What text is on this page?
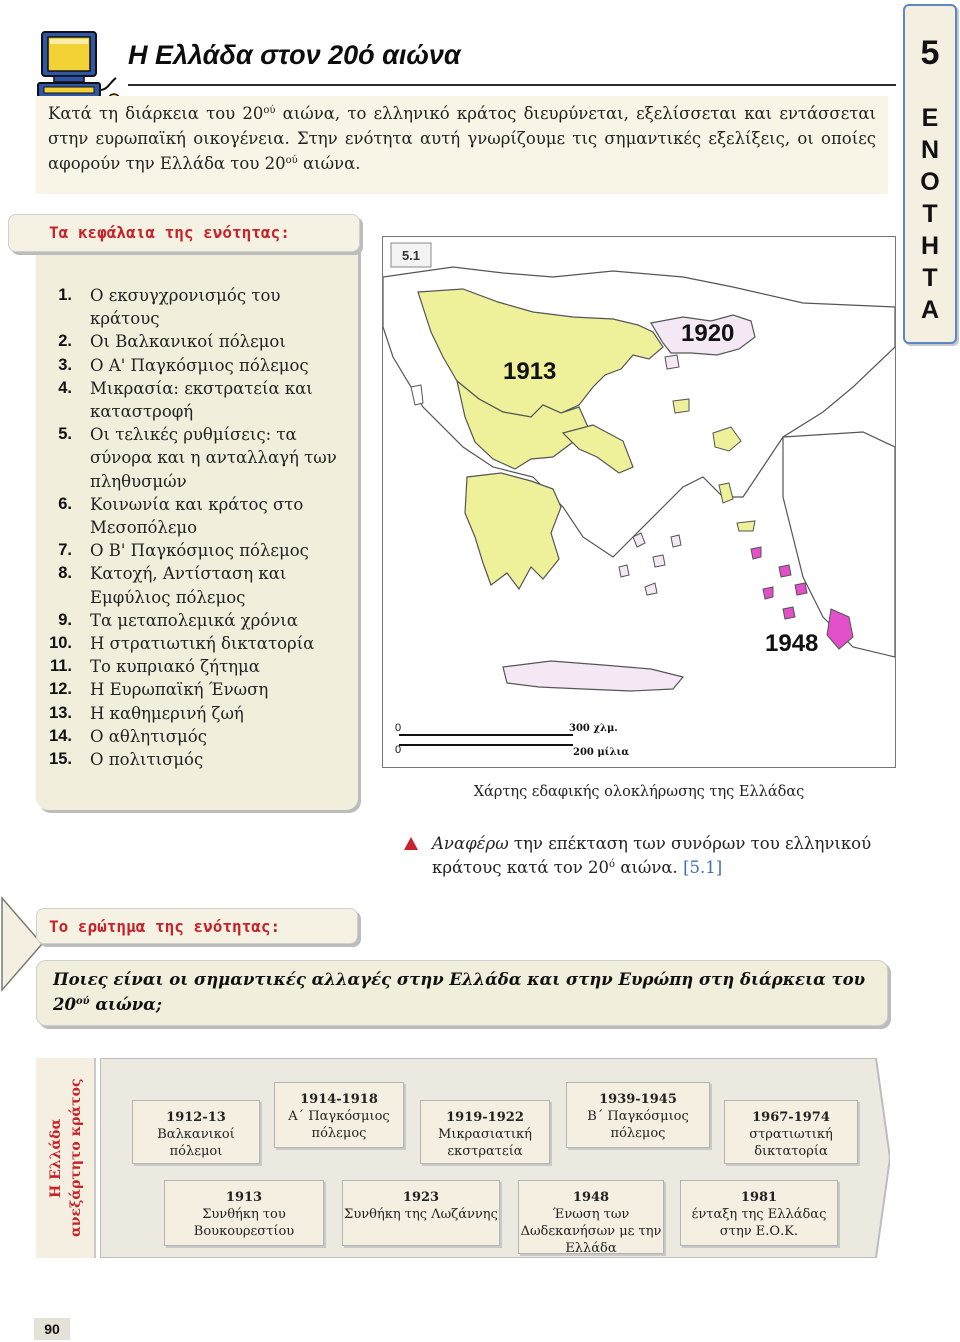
Η Ελλάδα στον 20ό αιώνα	5
Ε
Ν
Ο
Τ
Η
Τ
Α

Κατά τη διάρκεια του $20^{oύ}$ αιώνα, το ελληνικό κράτος διευρύνεται, εξελίσσεται και εντάσσεται στην ευρωπαϊκή οικογένεια. Στην ενότητα αυτή γνωρίζουμε τις σημαντικές εξελίξεις, οι οποίες αφορούν την Ελλάδα του $20^{oύ}$ αιώνα.

Τα κεφάλαια της ενότητας:
1. Ο εκσυγχρονισμός του κράτους
2. Οι Βαλκανικοί πόλεμοι
3. Ο Α' Παγκόσμιος πόλεμος
4. Μικρασία: εκστρατεία και καταστροφή
5. Οι τελικές ρυθμίσεις: τα σύνορα και η ανταλλαγή των πληθυσμών
6. Κοινωνία και κράτος στο Μεσοπόλεμο
7. Ο Β' Παγκόσμιος πόλεμος
8. Κατοχή, Αντίσταση και Εμφύλιος πόλεμος
9. Τα μεταπολεμικά χρόνια
10. Η στρατιωτική δικτατορία
11. Το κυπριακό ζήτημα
12. Η Ευρωπαϊκή Ένωση
13. Η καθημερινή ζωή
14. Ο αθλητισμός
15. Ο πολιτισμός
5.1
1913
1920
1948
0	300 χλμ.
0	200 μίλια
Χάρτης εδαφικής ολοκλήρωσης της Ελλάδας

Αναφέρω την επέκταση των συνόρων του ελληνικού κράτους κατά τον $20^ό$ αιώνα. [5.1]

Το ερώτημα της ενότητας:

Ποιες είναι οι σημαντικές αλλαγές στην Ελλάδα και στην Ευρώπη στη διάρκεια του $20^{oύ}$ αιώνα;

Η Ελλάδα ανεξάρτητο κράτος	1912-13
Βαλκανικοί πόλεμοι
1914-1918
Α΄ Παγκόσμιος πόλεμος
1919-1922
Μικρασιατική εκστρατεία
1939-1945
Β΄ Παγκόσμιος πόλεμος
1967-1974
στρατιωτική δικτατορία
1913
Συνθήκη του Βουκουρεστίου
1923
Συνθήκη της Λωζάννης
1948
Ένωση των Δωδεκανήσων με την Ελλάδα
1981
ένταξη της Ελλάδας στην Ε.Ο.Κ.
90
